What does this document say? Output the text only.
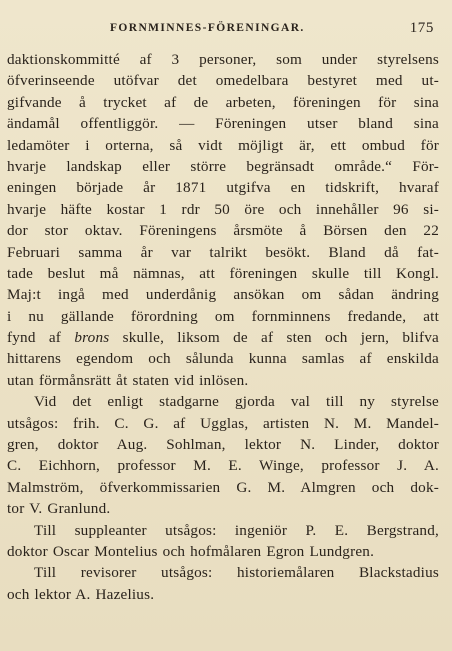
FORNMINNES-FÖRENINGAR.	175
daktionskommitté af 3 personer, som under styrelsens
öfverinseende utöfvar det omedelbara bestyret med ut-
gifvande å trycket af de arbeten, föreningen för sina
ändamål offentliggör. — Föreningen utser bland sina
ledamöter i orterna, så vidt möjligt är, ett ombud för
hvarje landskap eller större begränsadt område.“ För-
eningen började år 1871 utgifva en tidskrift, hvaraf
hvarje häfte kostar 1 rdr 50 öre och innehåller 96 si-
dor stor oktav. Föreningens årsmöte å Börsen den 22
Februari samma år var talrikt besökt. Bland då fat-
tade beslut må nämnas, att föreningen skulle till Kongl.
Maj:t ingå med underdånig ansökan om sådan ändring
i nu gällande förordning om fornminnens fredande, att
fynd af brons skulle, liksom de af sten och jern, blifva
hittarens egendom och sålunda kunna samlas af enskilda
utan förmånsrätt åt staten vid inlösen.
Vid det enligt stadgarne gjorda val till ny styrelse
utsågos: frih. C. G. af Ugglas, artisten N. M. Mandel-
gren, doktor Aug. Sohlman, lektor N. Linder, doktor
C. Eichhorn, professor M. E. Winge, professor J. A.
Malmström, öfverkommissarien G. M. Almgren och dok-
tor V. Granlund.
Till suppleanter utsågos: ingeniör P. E. Bergstrand,
doktor Oscar Montelius och hofmålaren Egron Lundgren.
Till revisorer utsågos: historiemålaren Blackstadius
och lektor A. Hazelius.
